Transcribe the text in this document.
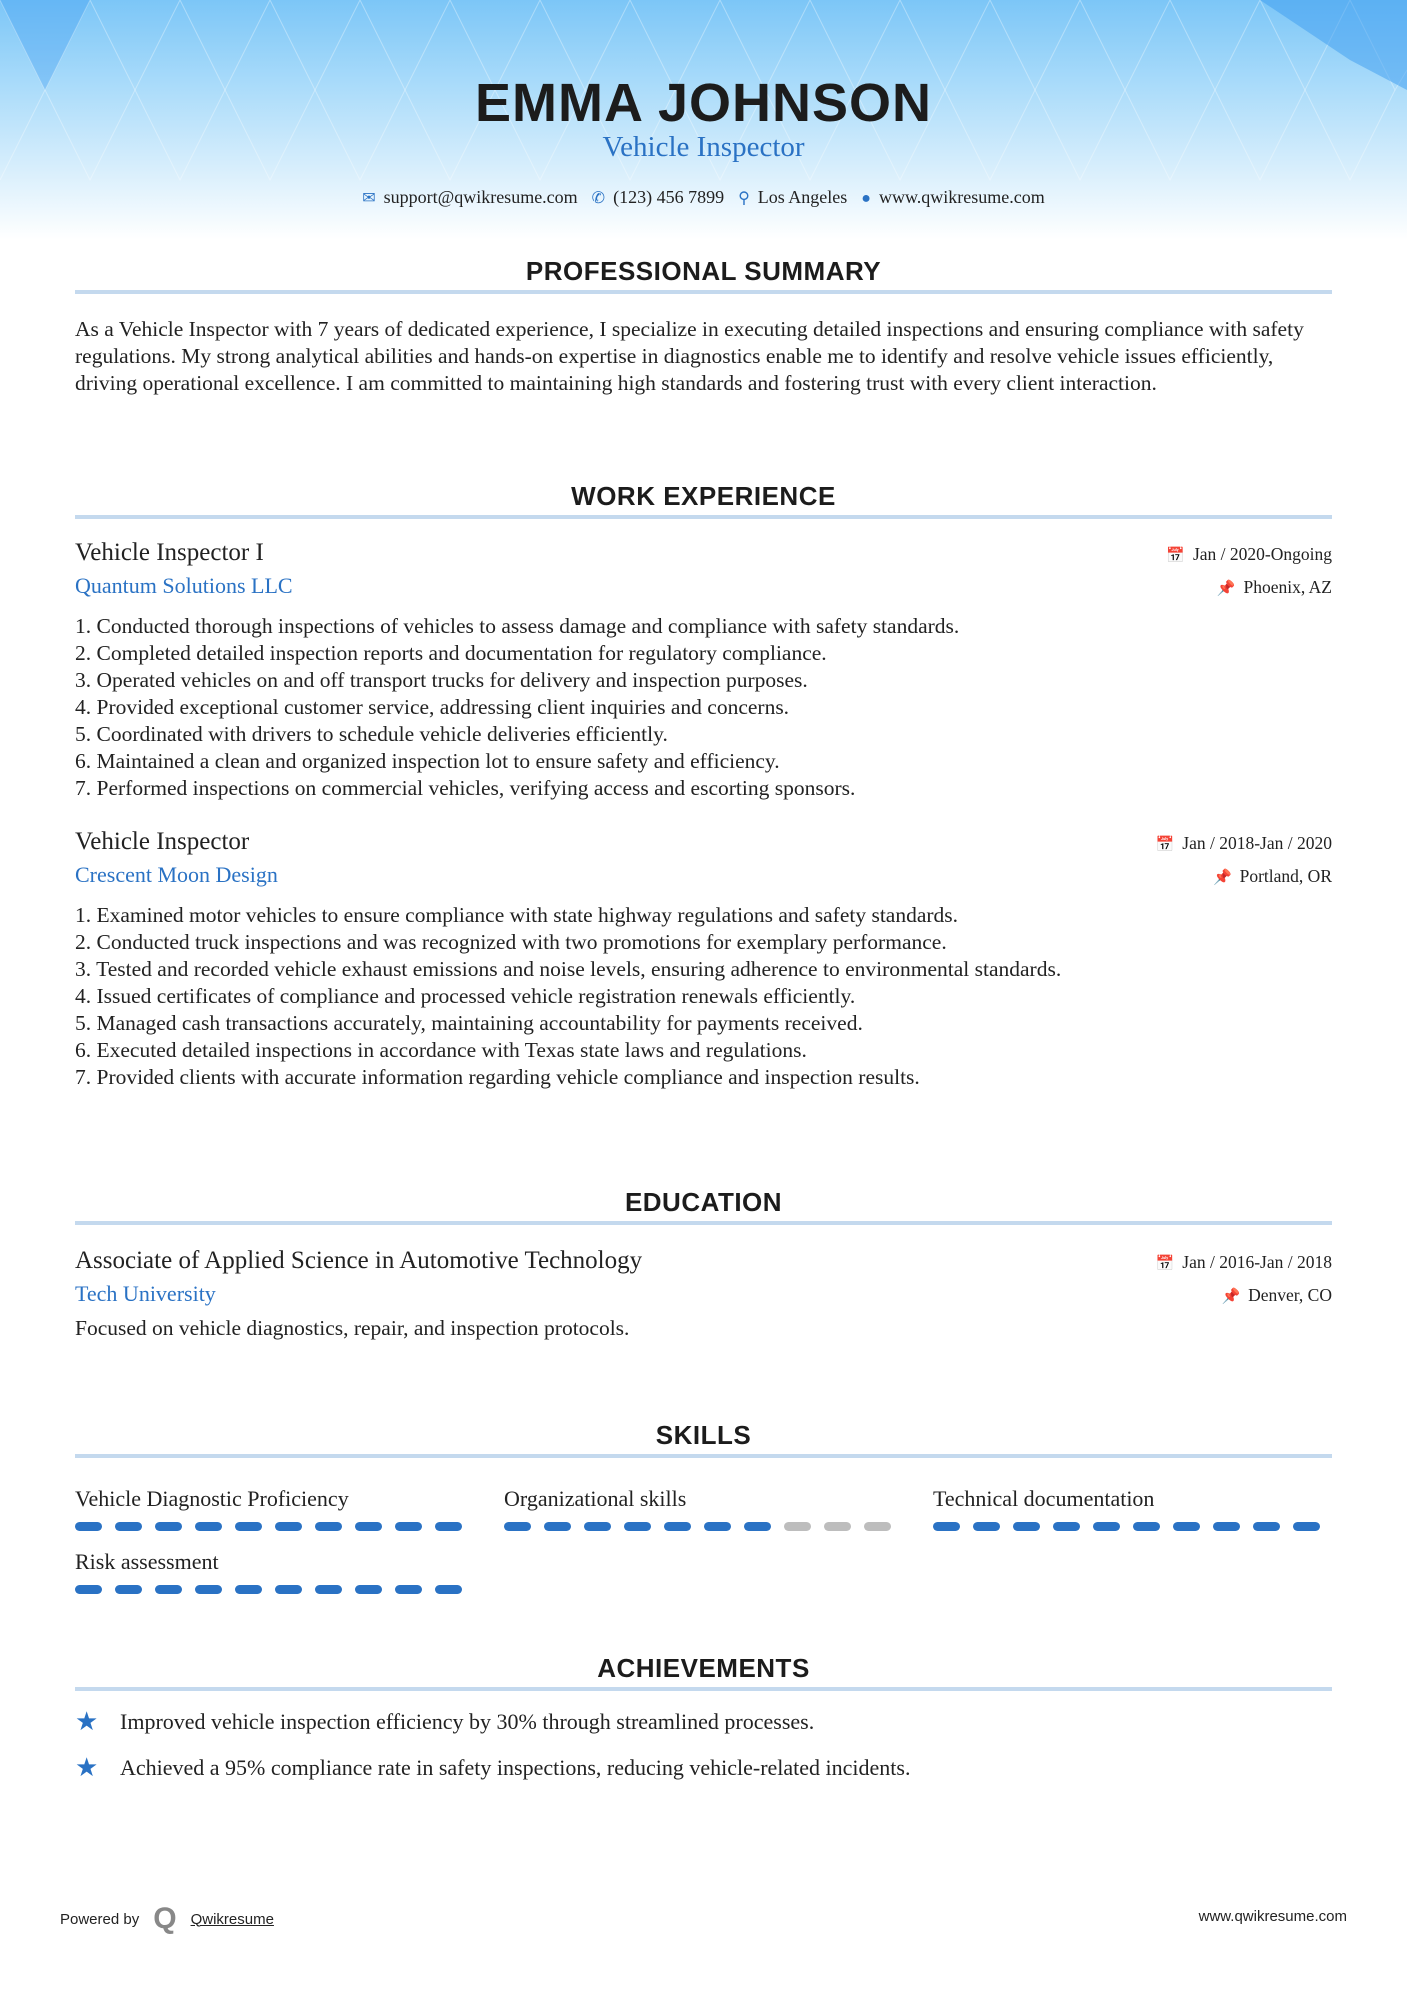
EMMA JOHNSON
Vehicle Inspector
✉ support@qwikresume.com ✆ (123) 456 7899 ⚲ Los Angeles ● www.qwikresume.com
PROFESSIONAL SUMMARY

As a Vehicle Inspector with 7 years of dedicated experience, I specialize in executing detailed inspections and ensuring compliance with safety regulations. My strong analytical abilities and hands-on expertise in diagnostics enable me to identify and resolve vehicle issues efficiently, driving operational excellence. I am committed to maintaining high standards and fostering trust with every client interaction.

WORK EXPERIENCE
Vehicle Inspector I	📅 Jan / 2020-Ongoing
Quantum Solutions LLC	📌 Phoenix, AZ
1. Conducted thorough inspections of vehicles to assess damage and compliance with safety standards.
2. Completed detailed inspection reports and documentation for regulatory compliance.
3. Operated vehicles on and off transport trucks for delivery and inspection purposes.
4. Provided exceptional customer service, addressing client inquiries and concerns.
5. Coordinated with drivers to schedule vehicle deliveries efficiently.
6. Maintained a clean and organized inspection lot to ensure safety and efficiency.
7. Performed inspections on commercial vehicles, verifying access and escorting sponsors.
Vehicle Inspector	📅 Jan / 2018-Jan / 2020
Crescent Moon Design	📌 Portland, OR
1. Examined motor vehicles to ensure compliance with state highway regulations and safety standards.
2. Conducted truck inspections and was recognized with two promotions for exemplary performance.
3. Tested and recorded vehicle exhaust emissions and noise levels, ensuring adherence to environmental standards.
4. Issued certificates of compliance and processed vehicle registration renewals efficiently.
5. Managed cash transactions accurately, maintaining accountability for payments received.
6. Executed detailed inspections in accordance with Texas state laws and regulations.
7. Provided clients with accurate information regarding vehicle compliance and inspection results.
EDUCATION
Associate of Applied Science in Automotive Technology	📅 Jan / 2016-Jan / 2018
Tech University	📌 Denver, CO

Focused on vehicle diagnostics, repair, and inspection protocols.

SKILLS
Vehicle Diagnostic Proficiency	Organizational skills	Technical documentation
Risk assessment
ACHIEVEMENTS
★ Improved vehicle inspection efficiency by 30% through streamlined processes.
★ Achieved a 95% compliance rate in safety inspections, reducing vehicle-related incidents.
Powered by Q Qwikresume	www.qwikresume.com
